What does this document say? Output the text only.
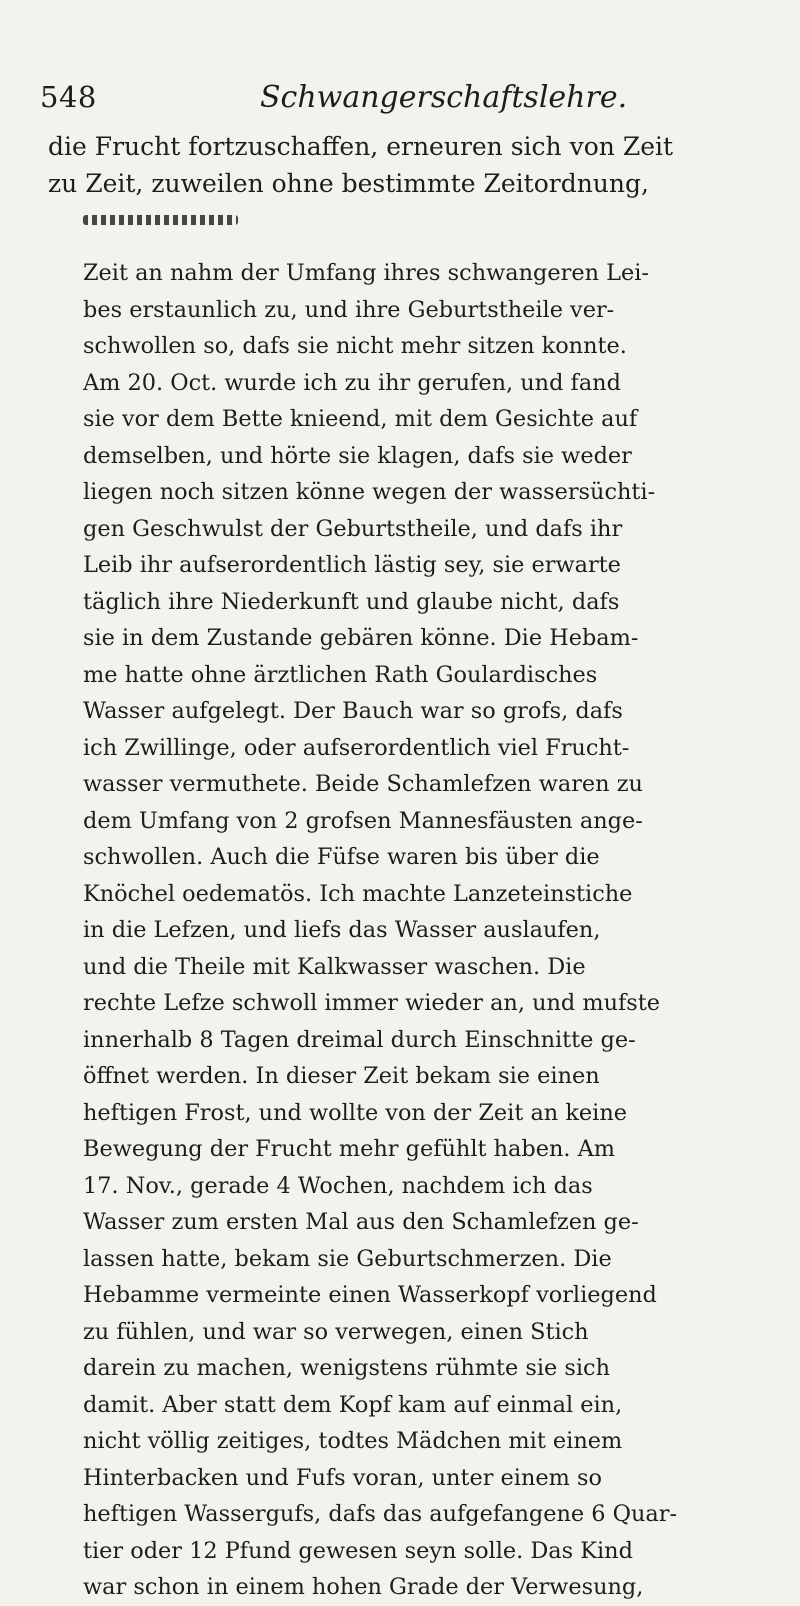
548	Schwangerschaftslehre.
die Frucht fortzuschaffen, erneuren sich von Zeit
zu Zeit, zuweilen ohne bestimmte Zeitordnung,
Zeit an nahm der Umfang ihres schwangeren Lei-
bes erstaunlich zu, und ihre Geburtstheile ver-
schwollen so, dafs sie nicht mehr sitzen konnte.
Am 20. Oct. wurde ich zu ihr gerufen, und fand
sie vor dem Bette knieend, mit dem Gesichte auf
demselben, und hörte sie klagen, dafs sie weder
liegen noch sitzen könne wegen der wassersüchti-
gen Geschwulst der Geburtstheile, und dafs ihr
Leib ihr aufserordentlich lästig sey, sie erwarte
täglich ihre Niederkunft und glaube nicht, dafs
sie in dem Zustande gebären könne. Die Hebam-
me hatte ohne ärztlichen Rath Goulardisches
Wasser aufgelegt. Der Bauch war so grofs, dafs
ich Zwillinge, oder aufserordentlich viel Frucht-
wasser vermuthete. Beide Schamlefzen waren zu
dem Umfang von 2 grofsen Mannesfäusten ange-
schwollen. Auch die Füfse waren bis über die
Knöchel oedematös. Ich machte Lanzeteinstiche
in die Lefzen, und liefs das Wasser auslaufen,
und die Theile mit Kalkwasser waschen. Die
rechte Lefze schwoll immer wieder an, und mufste
innerhalb 8 Tagen dreimal durch Einschnitte ge-
öffnet werden. In dieser Zeit bekam sie einen
heftigen Frost, und wollte von der Zeit an keine
Bewegung der Frucht mehr gefühlt haben. Am
17. Nov., gerade 4 Wochen, nachdem ich das
Wasser zum ersten Mal aus den Schamlefzen ge-
lassen hatte, bekam sie Geburtschmerzen. Die
Hebamme vermeinte einen Wasserkopf vorliegend
zu fühlen, und war so verwegen, einen Stich
darein zu machen, wenigstens rühmte sie sich
damit. Aber statt dem Kopf kam auf einmal ein,
nicht völlig zeitiges, todtes Mädchen mit einem
Hinterbacken und Fufs voran, unter einem so
heftigen Wassergufs, dafs das aufgefangene 6 Quar-
tier oder 12 Pfund gewesen seyn solle. Das Kind
war schon in einem hohen Grade der Verwesung,
